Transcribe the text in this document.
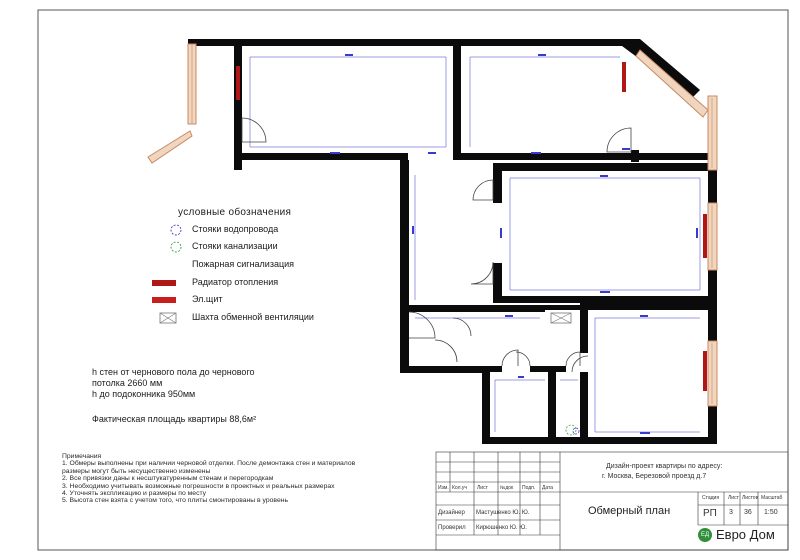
условные обозначения
Стояки водопровода
Стояки канализации
Пожарная сигнализация
Радиатор отопления
Эл.щит
Шахта обменной вентиляции
h стен от чернового пола до чернового
потолка 2660 мм
h до подоконника 950мм
Фактическая площадь квартиры 88,6м²
Примечания
1. Обмеры выполнены при наличии черновой отделки. После демонтажа стен и материалов
размеры могут быть несущественно изменены
2. Все привязки даны к несштукатуренным стенам и перегородкам
3. Необходимо учитывать возможные погрешности в проектных и реальных размерах
4. Уточнять экспликацию и размеры по месту
5. Высота стен взята с учетом того, что плиты смонтированы в уровень
Изм. Кол.уч Лист №док Подп. Дата
Дизайнер
Проверил
Мастушенко Ю. Ю.
Кирюшенко Ю. Ю.
Дизайн-проект квартиры по адресу:
г. Москва, Березовой проезд д.7
Обмерный план
Стадия Лист Листов Масштаб
РП 3 36 1:50
ЕД Евро Дом
